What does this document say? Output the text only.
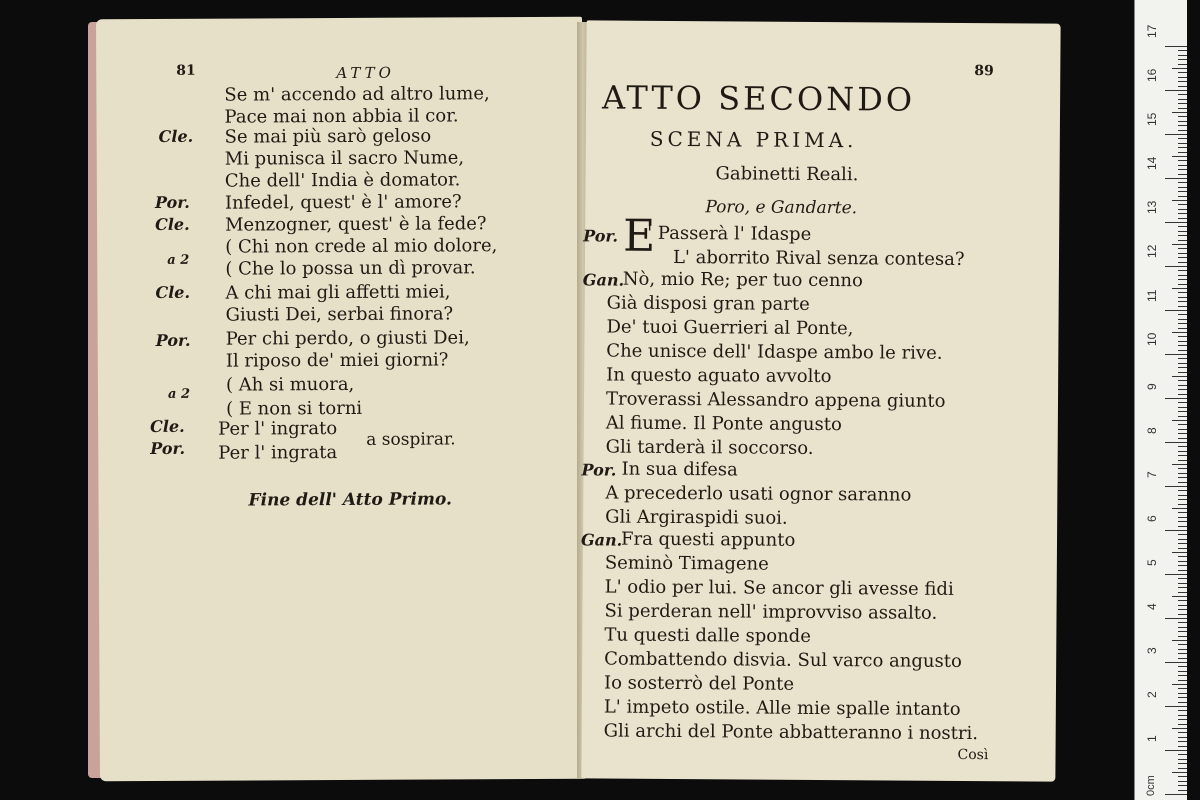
81	ATTO
Cle.
Por.
Cle.
a 2
Cle.
Por.
a 2
Cle.
Por.
Se m' accendo ad altro lume,
Pace mai non abbia il cor.
Se mai più sarò geloso
Mi punisca il sacro Nume,
Che dell' India è domator.
Infedel, quest' è l' amore?
Menzogner, quest' è la fede?
( Chi non crede al mio dolore,
( Che lo possa un dì provar.
A chi mai gli affetti miei,
Giusti Dei, serbai finora?
Per chi perdo, o giusti Dei,
Il riposo de' miei giorni?
( Ah si muora,
( E non si torni
Per l' ingrato
Per l' ingrata
a sospirar.
Fine dell' Atto Primo.
89
ATTO SECONDO
SCENA PRIMA.
Gabinetti Reali.
Poro, e Gandarte.
Por. E
' Passerà l' Idaspe
L' aborrito Rival senza contesa?
Gan.
Nò, mio Re; per tuo cenno
Già disposi gran parte
De' tuoi Guerrieri al Ponte,
Che unisce dell' Idaspe ambo le rive.
In questo aguato avvolto
Troverassi Alessandro appena giunto
Al fiume. Il Ponte angusto
Gli tarderà il soccorso.
Por. In sua difesa
A precederlo usati ognor saranno
Gli Argiraspidi suoi.
Gan.
Fra questi appunto
Seminò Timagene
L' odio per lui. Se ancor gli avesse fidi
Si perderan nell' improvviso assalto.
Tu questi dalle sponde
Combattendo disvia. Sul varco angusto
Io sosterrò del Ponte
L' impeto ostile. Alle mie spalle intanto
Gli archi del Ponte abbatteranno i nostri.
Così
17
16
15
14
13
12
11
10
9
8
7
6
5
4
3
2
1
0cm
